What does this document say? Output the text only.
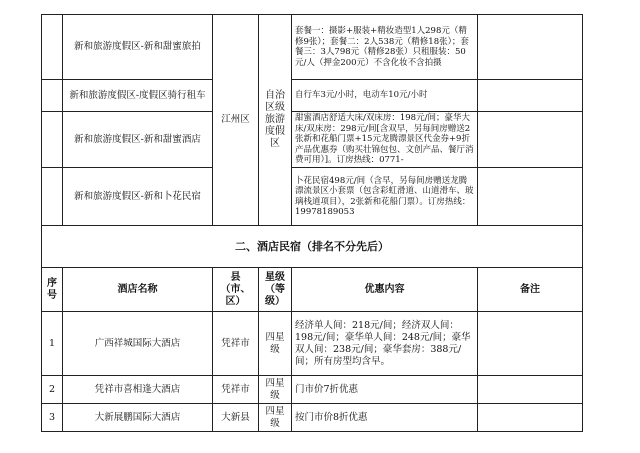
	新和旅游度假区-新和甜蜜旅拍	江州区	自治区级旅游度假区	套餐一：摄影+服装+精妆造型1人298元（精修9张）；套餐二：2人538元（精修18张）；套餐三：3人798元（精修28张）只租服装：50元/人（押金200元）不含化妆不含拍摄	
	新和旅游度假区-度假区骑行租车			自行车3元/小时，电动车10元/小时	
	新和旅游度假区-新和甜蜜酒店			甜蜜酒店舒适大床/双床房：198元/间；豪华大床/双床房：298元/间[含双早，另每间房赠送2张新和花船门票+15元龙腾漂景区代金券+9折产品优惠券（购买壮锦包包、文创产品、餐厅消费可用）]。订房热线：0771-	
	新和旅游度假区-新和卜花民宿			卜花民宿498元/间（含早，另每间房赠送龙腾漂流景区小套票（包含彩虹滑道、山道滑车、玻璃栈道项目），2张新和花船门票）。订房热线：19978189053	
二、酒店民宿（排名不分先后）					
序号	酒店名称	县（市、区）	星级（等级）	优惠内容	备注
1	广西祥城国际大酒店	凭祥市	四星级	经济单人间：218元/间；经济双人间：198元/间；豪华单人间：248元/间；豪华双人间：238元/间；豪华套房：388元/间；所有房型均含早。	
2	凭祥市喜相逢大酒店	凭祥市	四星级	门市价7折优惠	
3	大新展鹏国际大酒店	大新县	四星级	按门市价8折优惠	
